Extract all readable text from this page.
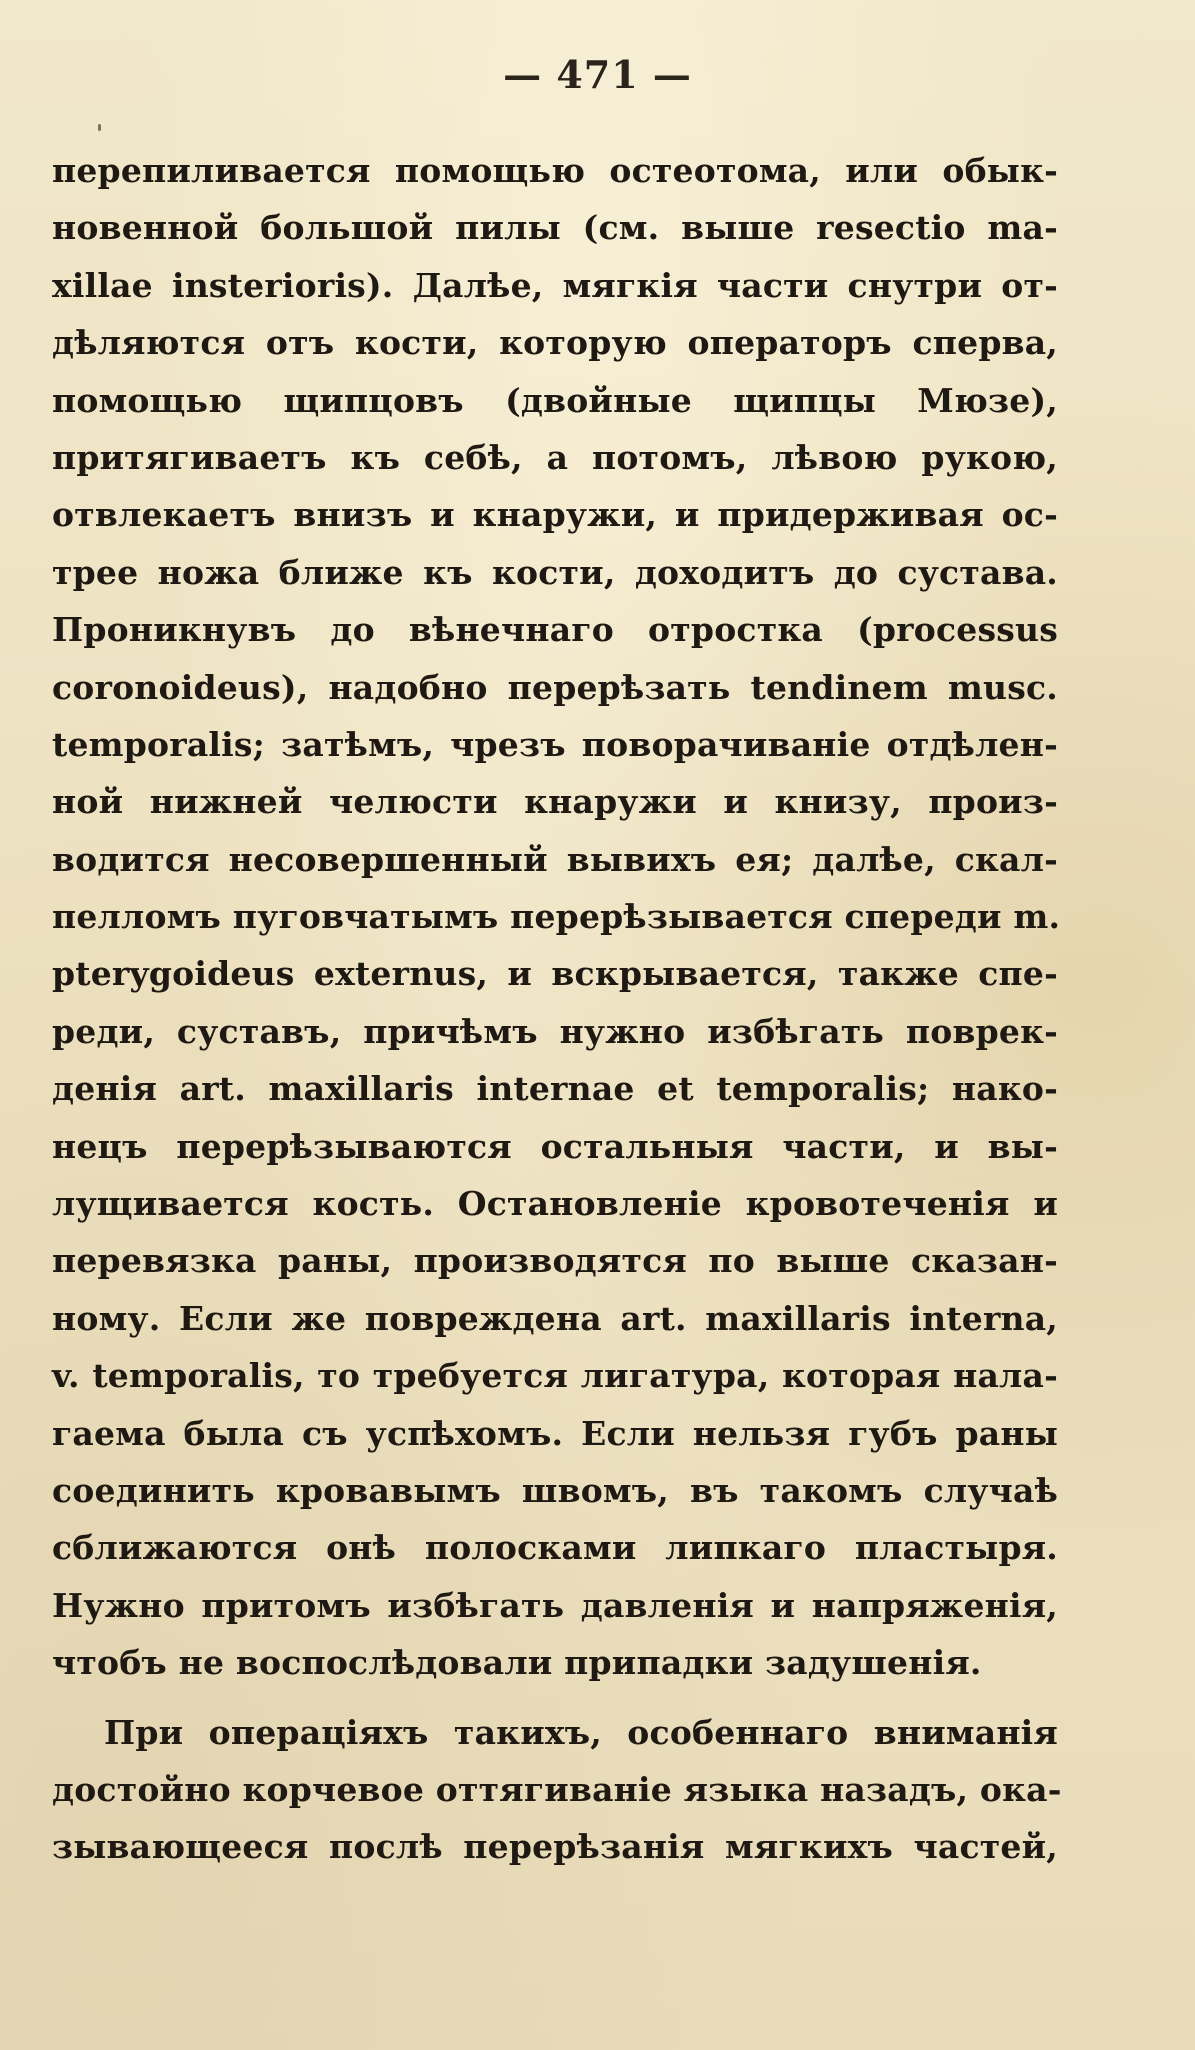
— 471 —
перепиливается помощью остеотома, или обык-
новенной большой пилы (см. выше resectio ma-
xillae insterioris). Далѣе, мягкія части снутри от-
дѣляются отъ кости, которую операторъ сперва,
помощью щипцовъ (двойные щипцы Мюзе),
притягиваетъ къ себѣ, а потомъ, лѣвою рукою,
отвлекаетъ внизъ и кнаружи, и придерживая ос-
трее ножа ближе къ кости, доходитъ до сустава.
Проникнувъ до вѣнечнаго отростка (processus
coronoideus), надобно перерѣзать tendinem musc.
temporalis; затѣмъ, чрезъ поворачиваніе отдѣлен-
ной нижней челюсти кнаружи и книзу, произ-
водится несовершенный вывихъ ея; далѣе, скал-
пелломъ пуговчатымъ перерѣзывается спереди m.
pterygoideus externus, и вскрывается, также спе-
реди, суставъ, причѣмъ нужно избѣгать поврек-
денія art. maxillaris internae et temporalis; нако-
нецъ перерѣзываются остальныя части, и вы-
лущивается кость. Остановленіе кровотеченія и
перевязка раны, производятся по выше сказан-
ному. Если же повреждена art. maxillaris interna,
v. temporalis, то требуется лигатура, которая нала-
гаема была съ успѣхомъ. Если нельзя губъ раны
соединить кровавымъ швомъ, въ такомъ случаѣ
сближаются онѣ полосками липкаго пластыря.
Нужно притомъ избѣгать давленія и напряженія,
чтобъ не воспослѣдовали припадки задушенія.
При операціяхъ такихъ, особеннаго вниманія
достойно корчевое оттягиваніе языка назадъ, ока-
зывающееся послѣ перерѣзанія мягкихъ частей,
